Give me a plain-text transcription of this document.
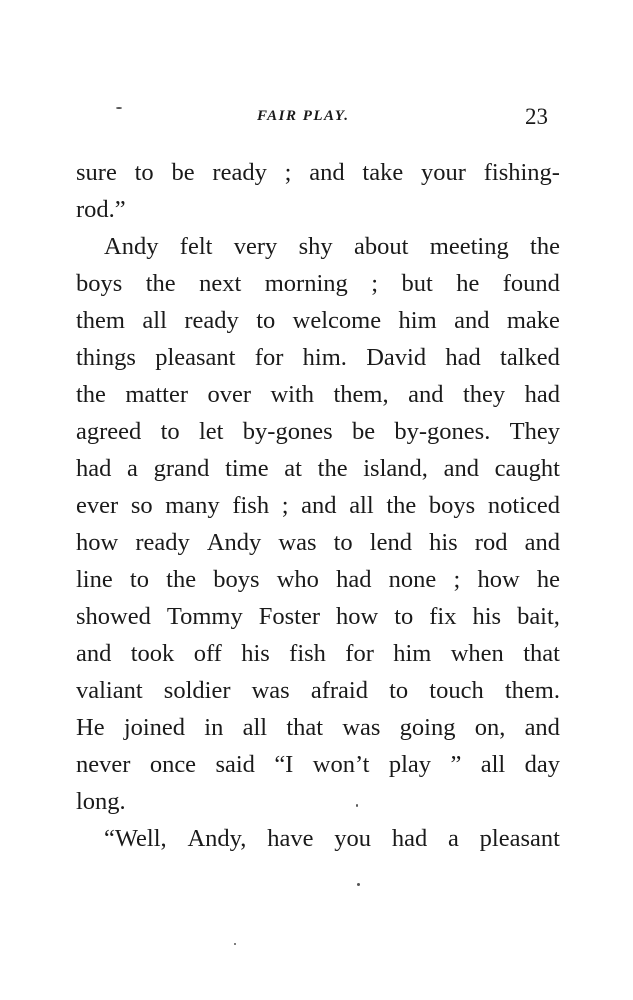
FAIR PLAY.	23
sure to be ready ; and take your fishing-
rod.”
Andy felt very shy about meeting the
boys the next morning ; but he found
them all ready to welcome him and make
things pleasant for him. David had talked
the matter over with them, and they had
agreed to let by-gones be by-gones. They
had a grand time at the island, and caught
ever so many fish ; and all the boys noticed
how ready Andy was to lend his rod and
line to the boys who had none ; how he
showed Tommy Foster how to fix his bait,
and took off his fish for him when that
valiant soldier was afraid to touch them.
He joined in all that was going on, and
never once said “I won’t play ” all day
long.
“Well, Andy, have you had a pleasant
